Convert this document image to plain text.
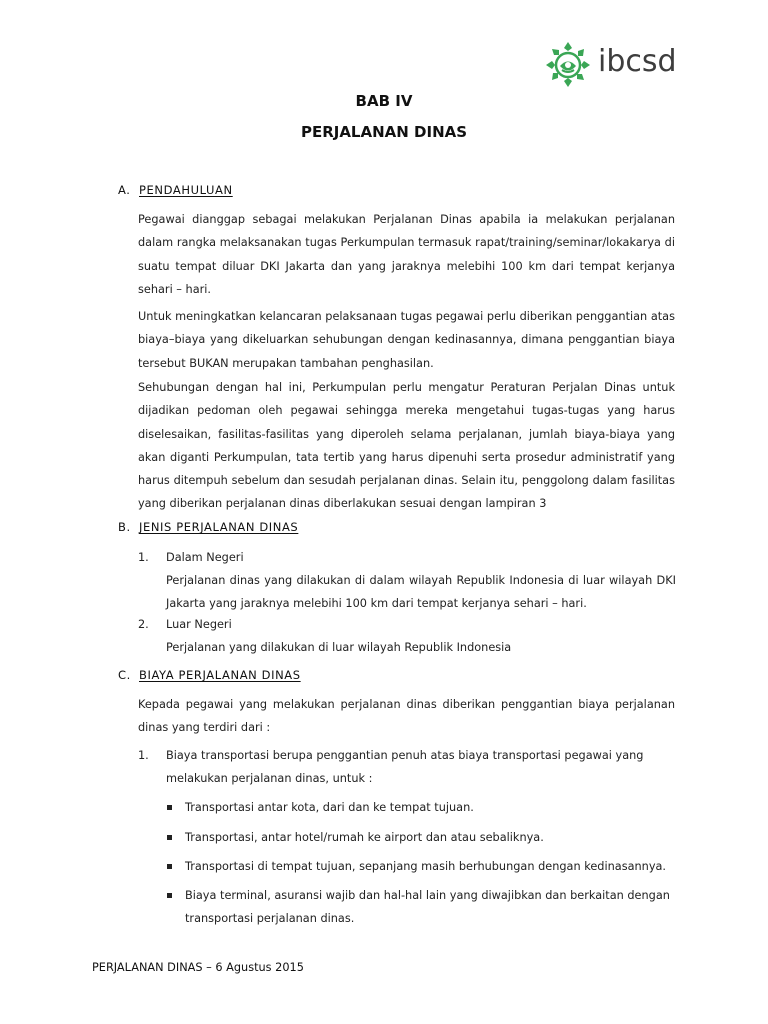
ibcsd
BAB IV
PERJALANAN DINAS
A. PENDAHULUAN

Pegawai dianggap sebagai melakukan Perjalanan Dinas apabila ia melakukan perjalanan dalam rangka melaksanakan tugas Perkumpulan termasuk rapat/training/seminar/lokakarya di suatu tempat diluar DKI Jakarta dan yang jaraknya melebihi 100 km dari tempat kerjanya sehari – hari.

Untuk meningkatkan kelancaran pelaksanaan tugas pegawai perlu diberikan penggantian atas biaya–biaya yang dikeluarkan sehubungan dengan kedinasannya, dimana penggantian biaya tersebut BUKAN merupakan tambahan penghasilan.

Sehubungan dengan hal ini, Perkumpulan perlu mengatur Peraturan Perjalan Dinas untuk dijadikan pedoman oleh pegawai sehingga mereka mengetahui tugas-tugas yang harus diselesaikan, fasilitas-fasilitas yang diperoleh selama perjalanan, jumlah biaya-biaya yang akan diganti Perkumpulan, tata tertib yang harus dipenuhi serta prosedur administratif yang harus ditempuh sebelum dan sesudah perjalanan dinas. Selain itu, penggolong dalam fasilitas yang diberikan perjalanan dinas diberlakukan sesuai dengan lampiran 3

B. JENIS PERJALANAN DINAS
1. Dalam Negeri
Perjalanan dinas yang dilakukan di dalam wilayah Republik Indonesia di luar wilayah DKI Jakarta yang jaraknya melebihi 100 km dari tempat kerjanya sehari – hari.
2. Luar Negeri
Perjalanan yang dilakukan di luar wilayah Republik Indonesia
C. BIAYA PERJALANAN DINAS

Kepada pegawai yang melakukan perjalanan dinas diberikan penggantian biaya perjalanan dinas yang terdiri dari :

1. Biaya transportasi berupa penggantian penuh atas biaya transportasi pegawai yang
melakukan perjalanan dinas, untuk :
Transportasi antar kota, dari dan ke tempat tujuan.
Transportasi, antar hotel/rumah ke airport dan atau sebaliknya.
Transportasi di tempat tujuan, sepanjang masih berhubungan dengan kedinasannya.
Biaya terminal, asuransi wajib dan hal-hal lain yang diwajibkan dan berkaitan dengan transportasi perjalanan dinas.
PERJALANAN DINAS – 6 Agustus 2015
